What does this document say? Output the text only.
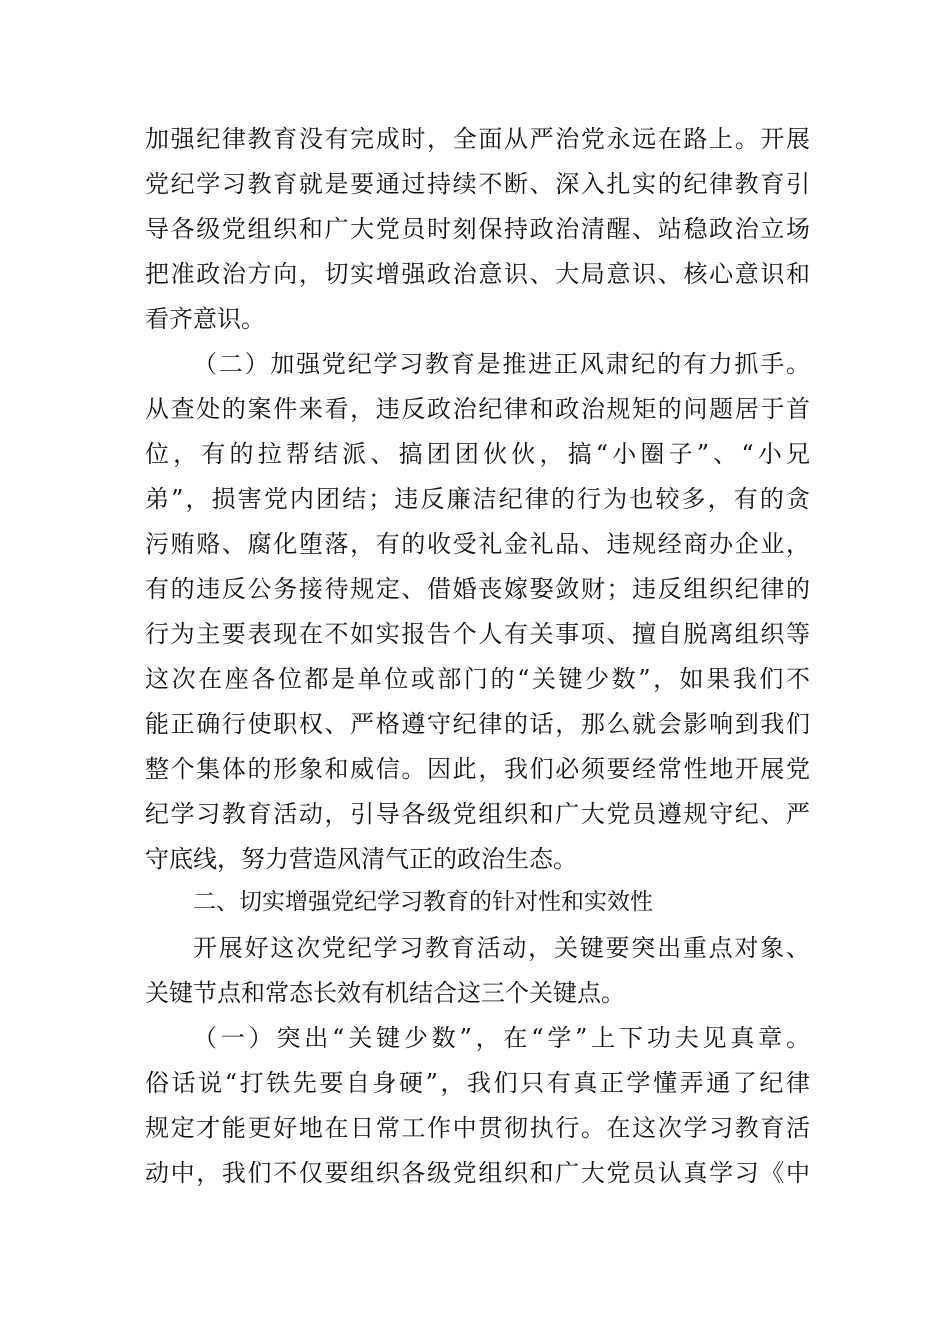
加强纪律教育没有完成时，全面从严治党永远在路上。开展
党纪学习教育就是要通过持续不断、深入扎实的纪律教育引
导各级党组织和广大党员时刻保持政治清醒、站稳政治立场
把准政治方向，切实增强政治意识、大局意识、核心意识和
看齐意识。
（二）加强党纪学习教育是推进正风肃纪的有力抓手。
从查处的案件来看，违反政治纪律和政治规矩的问题居于首
位，有的拉帮结派、搞团团伙伙，搞“小圈子”、“小兄
弟”，损害党内团结；违反廉洁纪律的行为也较多，有的贪
污贿赂、腐化堕落，有的收受礼金礼品、违规经商办企业，
有的违反公务接待规定、借婚丧嫁娶敛财；违反组织纪律的
行为主要表现在不如实报告个人有关事项、擅自脱离组织等
这次在座各位都是单位或部门的“关键少数”，如果我们不
能正确行使职权、严格遵守纪律的话，那么就会影响到我们
整个集体的形象和威信。因此，我们必须要经常性地开展党
纪学习教育活动，引导各级党组织和广大党员遵规守纪、严
守底线，努力营造风清气正的政治生态。
二、切实增强党纪学习教育的针对性和实效性
开展好这次党纪学习教育活动，关键要突出重点对象、
关键节点和常态长效有机结合这三个关键点。
（一）突出“关键少数”，在“学”上下功夫见真章。
俗话说“打铁先要自身硬”，我们只有真正学懂弄通了纪律
规定才能更好地在日常工作中贯彻执行。在这次学习教育活
动中，我们不仅要组织各级党组织和广大党员认真学习《中
